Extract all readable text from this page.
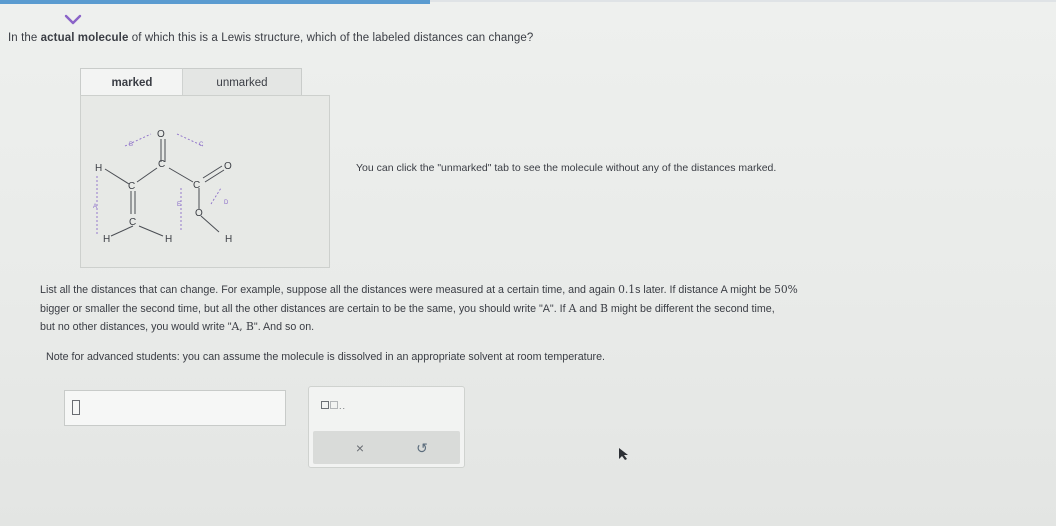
In the actual molecule of which this is a Lewis structure, which of the labeled distances can change?
marked	unmarked
A
B	C
D
E
H
C
C
O
C
O
C
O
H	H	H
You can click the "unmarked" tab to see the molecule without any of the distances marked.
List all the distances that can change. For example, suppose all the distances were measured at a certain time, and again 0.1s later. If distance A might be 50%
bigger or smaller the second time, but all the other distances are certain to be the same, you should write "A". If A and B might be different the second time,
but no other distances, you would write "A, B". And so on.
Note for advanced students: you can assume the molecule is dissolved in an appropriate solvent at room temperature.
..
×	↺
